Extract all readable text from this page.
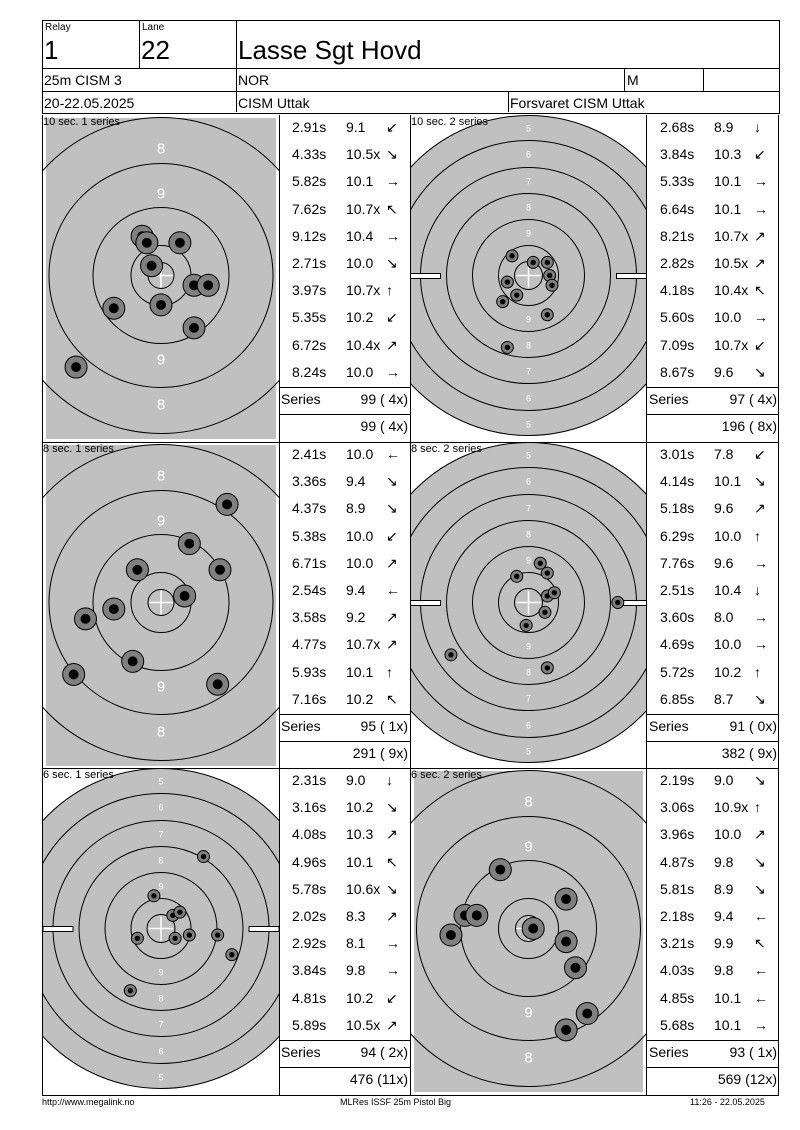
Relay
1
Lane
22	Lasse Sgt Hovd
25m CISM 3	NOR	M
20-22.05.2025	CISM Uttak	Forsvaret CISM Uttak
10 sec. 1 series
8
9
9
8
2.91s 9.1 ↙
4.33s 10.5x ↘
5.82s 10.1 →
7.62s 10.7x ↖
9.12s 10.4 →
2.71s 10.0 ↘
3.97s 10.7x ↑
5.35s 10.2 ↙
6.72s 10.4x ↗
8.24s 10.0 →
Series	99 ( 4x)
99 ( 4x)
10 sec. 2 series
5
6
7
8
9
9
8
7
6
5
2.68s 8.9 ↓
3.84s 10.3 ↙
5.33s 10.1 →
6.64s 10.1 →
8.21s 10.7x ↗
2.82s 10.5x ↗
4.18s 10.4x ↖
5.60s 10.0 →
7.09s 10.7x ↙
8.67s 9.6 ↘
Series	97 ( 4x)
196 ( 8x)
8 sec. 1 series
8
9
9
8
2.41s 10.0 ←
3.36s 9.4 ↘
4.37s 8.9 ↘
5.38s 10.0 ↙
6.71s 10.0 ↗
2.54s 9.4 ←
3.58s 9.2 ↗
4.77s 10.7x ↗
5.93s 10.1 ↑
7.16s 10.2 ↖
Series	95 ( 1x)
291 ( 9x)
8 sec. 2 series
5
6
7
8
9
9
8
7
6
5
3.01s 7.8 ↙
4.14s 10.1 ↘
5.18s 9.6 ↗
6.29s 10.0 ↑
7.76s 9.6 →
2.51s 10.4 ↓
3.60s 8.0 →
4.69s 10.0 →
5.72s 10.2 ↑
6.85s 8.7 ↘
Series	91 ( 0x)
382 ( 9x)
6 sec. 1 series
5
6
7
8
9
9
8
7
6
5
2.31s 9.0 ↓
3.16s 10.2 ↘
4.08s 10.3 ↗
4.96s 10.1 ↖
5.78s 10.6x ↘
2.02s 8.3 ↗
2.92s 8.1 →
3.84s 9.8 →
4.81s 10.2 ↙
5.89s 10.5x ↗
Series	94 ( 2x)
476 (11x)
6 sec. 2 series
8
9
9
8
2.19s 9.0 ↘
3.06s 10.9x ↑
3.96s 10.0 ↗
4.87s 9.8 ↘
5.81s 8.9 ↘
2.18s 9.4 ←
3.21s 9.9 ↖
4.03s 9.8 ←
4.85s 10.1 ←
5.68s 10.1 →
Series	93 ( 1x)
569 (12x)
http://www.megalink.no	MLRes ISSF 25m Pistol Big	11:26 - 22.05.2025
